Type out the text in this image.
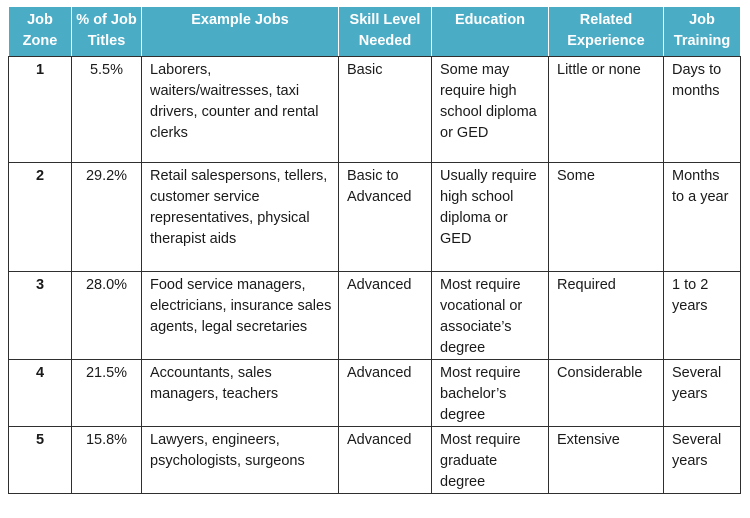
Job Zone	% of Job Titles	Example Jobs	Skill Level Needed	Education	Related Experience	Job Training
1	5.5%	Laborers, waiters/waitresses, taxi drivers, counter and rental clerks	Basic	Some may require high school diploma or GED	Little or none	Days to months
2	29.2%	Retail salespersons, tellers, customer service representatives, physical therapist aids	Basic to Advanced	Usually require high school diploma or GED	Some	Months to a year
3	28.0%	Food service managers, electricians, insurance sales agents, legal secretaries	Advanced	Most require vocational or associate’s degree	Required	1 to 2 years
4	21.5%	Accountants, sales managers, teachers	Advanced	Most require bachelor’s degree	Considerable	Several years
5	15.8%	Lawyers, engineers, psychologists, surgeons	Advanced	Most require graduate degree	Extensive	Several years
